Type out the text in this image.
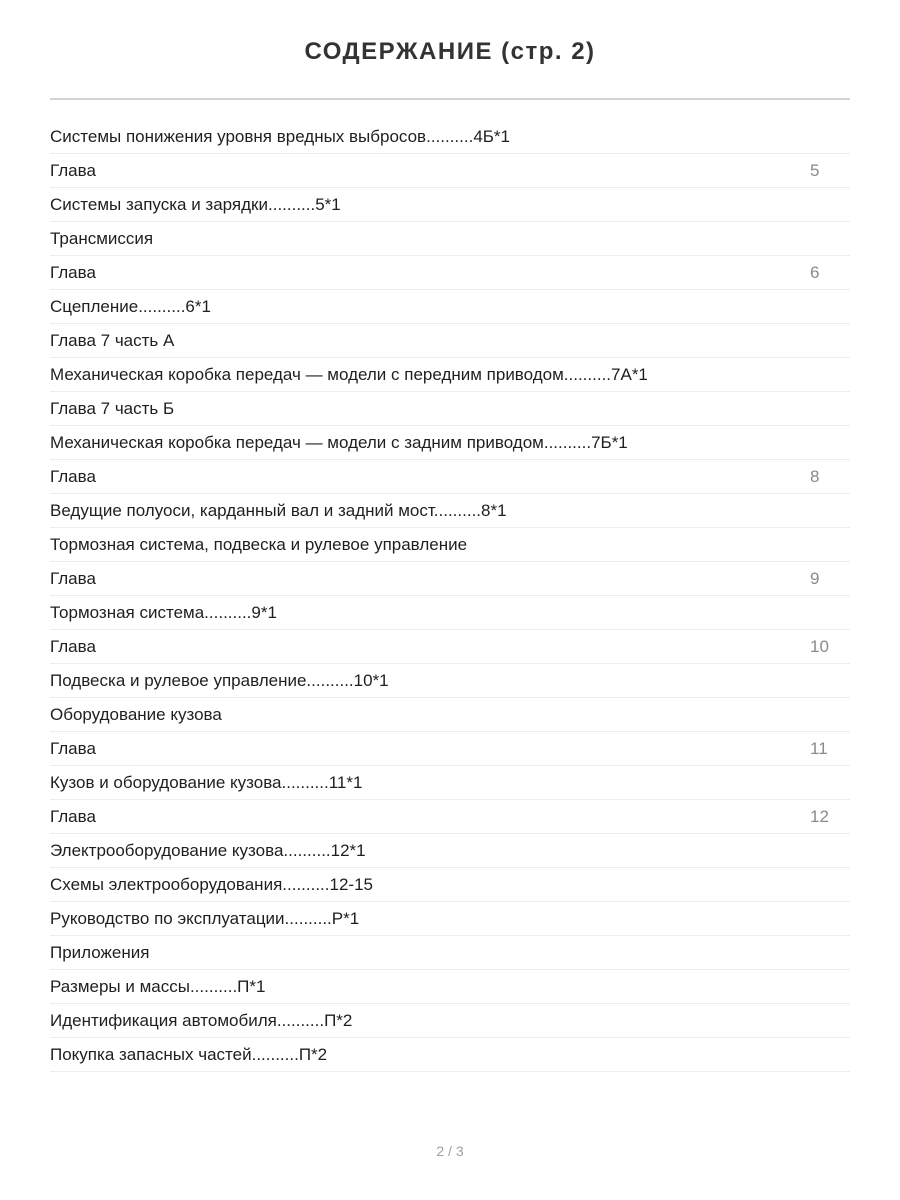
СОДЕРЖАНИЕ (стр. 2)
Системы понижения уровня вредных выбросов..........4Б*1
Глава	5
Системы запуска и зарядки..........5*1
Трансмиссия
Глава	6
Сцепление..........6*1
Глава 7 часть А
Механическая коробка передач — модели с передним приводом..........7А*1
Глава 7 часть Б
Механическая коробка передач — модели с задним приводом..........7Б*1
Глава	8
Ведущие полуоси, карданный вал и задний мост..........8*1
Тормозная система, подвеска и рулевое управление
Глава	9
Тормозная система..........9*1
Глава	10
Подвеска и рулевое управление..........10*1
Оборудование кузова
Глава	11
Кузов и оборудование кузова..........11*1
Глава	12
Электрооборудование кузова..........12*1
Схемы электрооборудования..........12-15
Руководство по эксплуатации..........Р*1
Приложения
Размеры и массы..........П*1
Идентификация автомобиля..........П*2
Покупка запасных частей..........П*2
2 / 3
